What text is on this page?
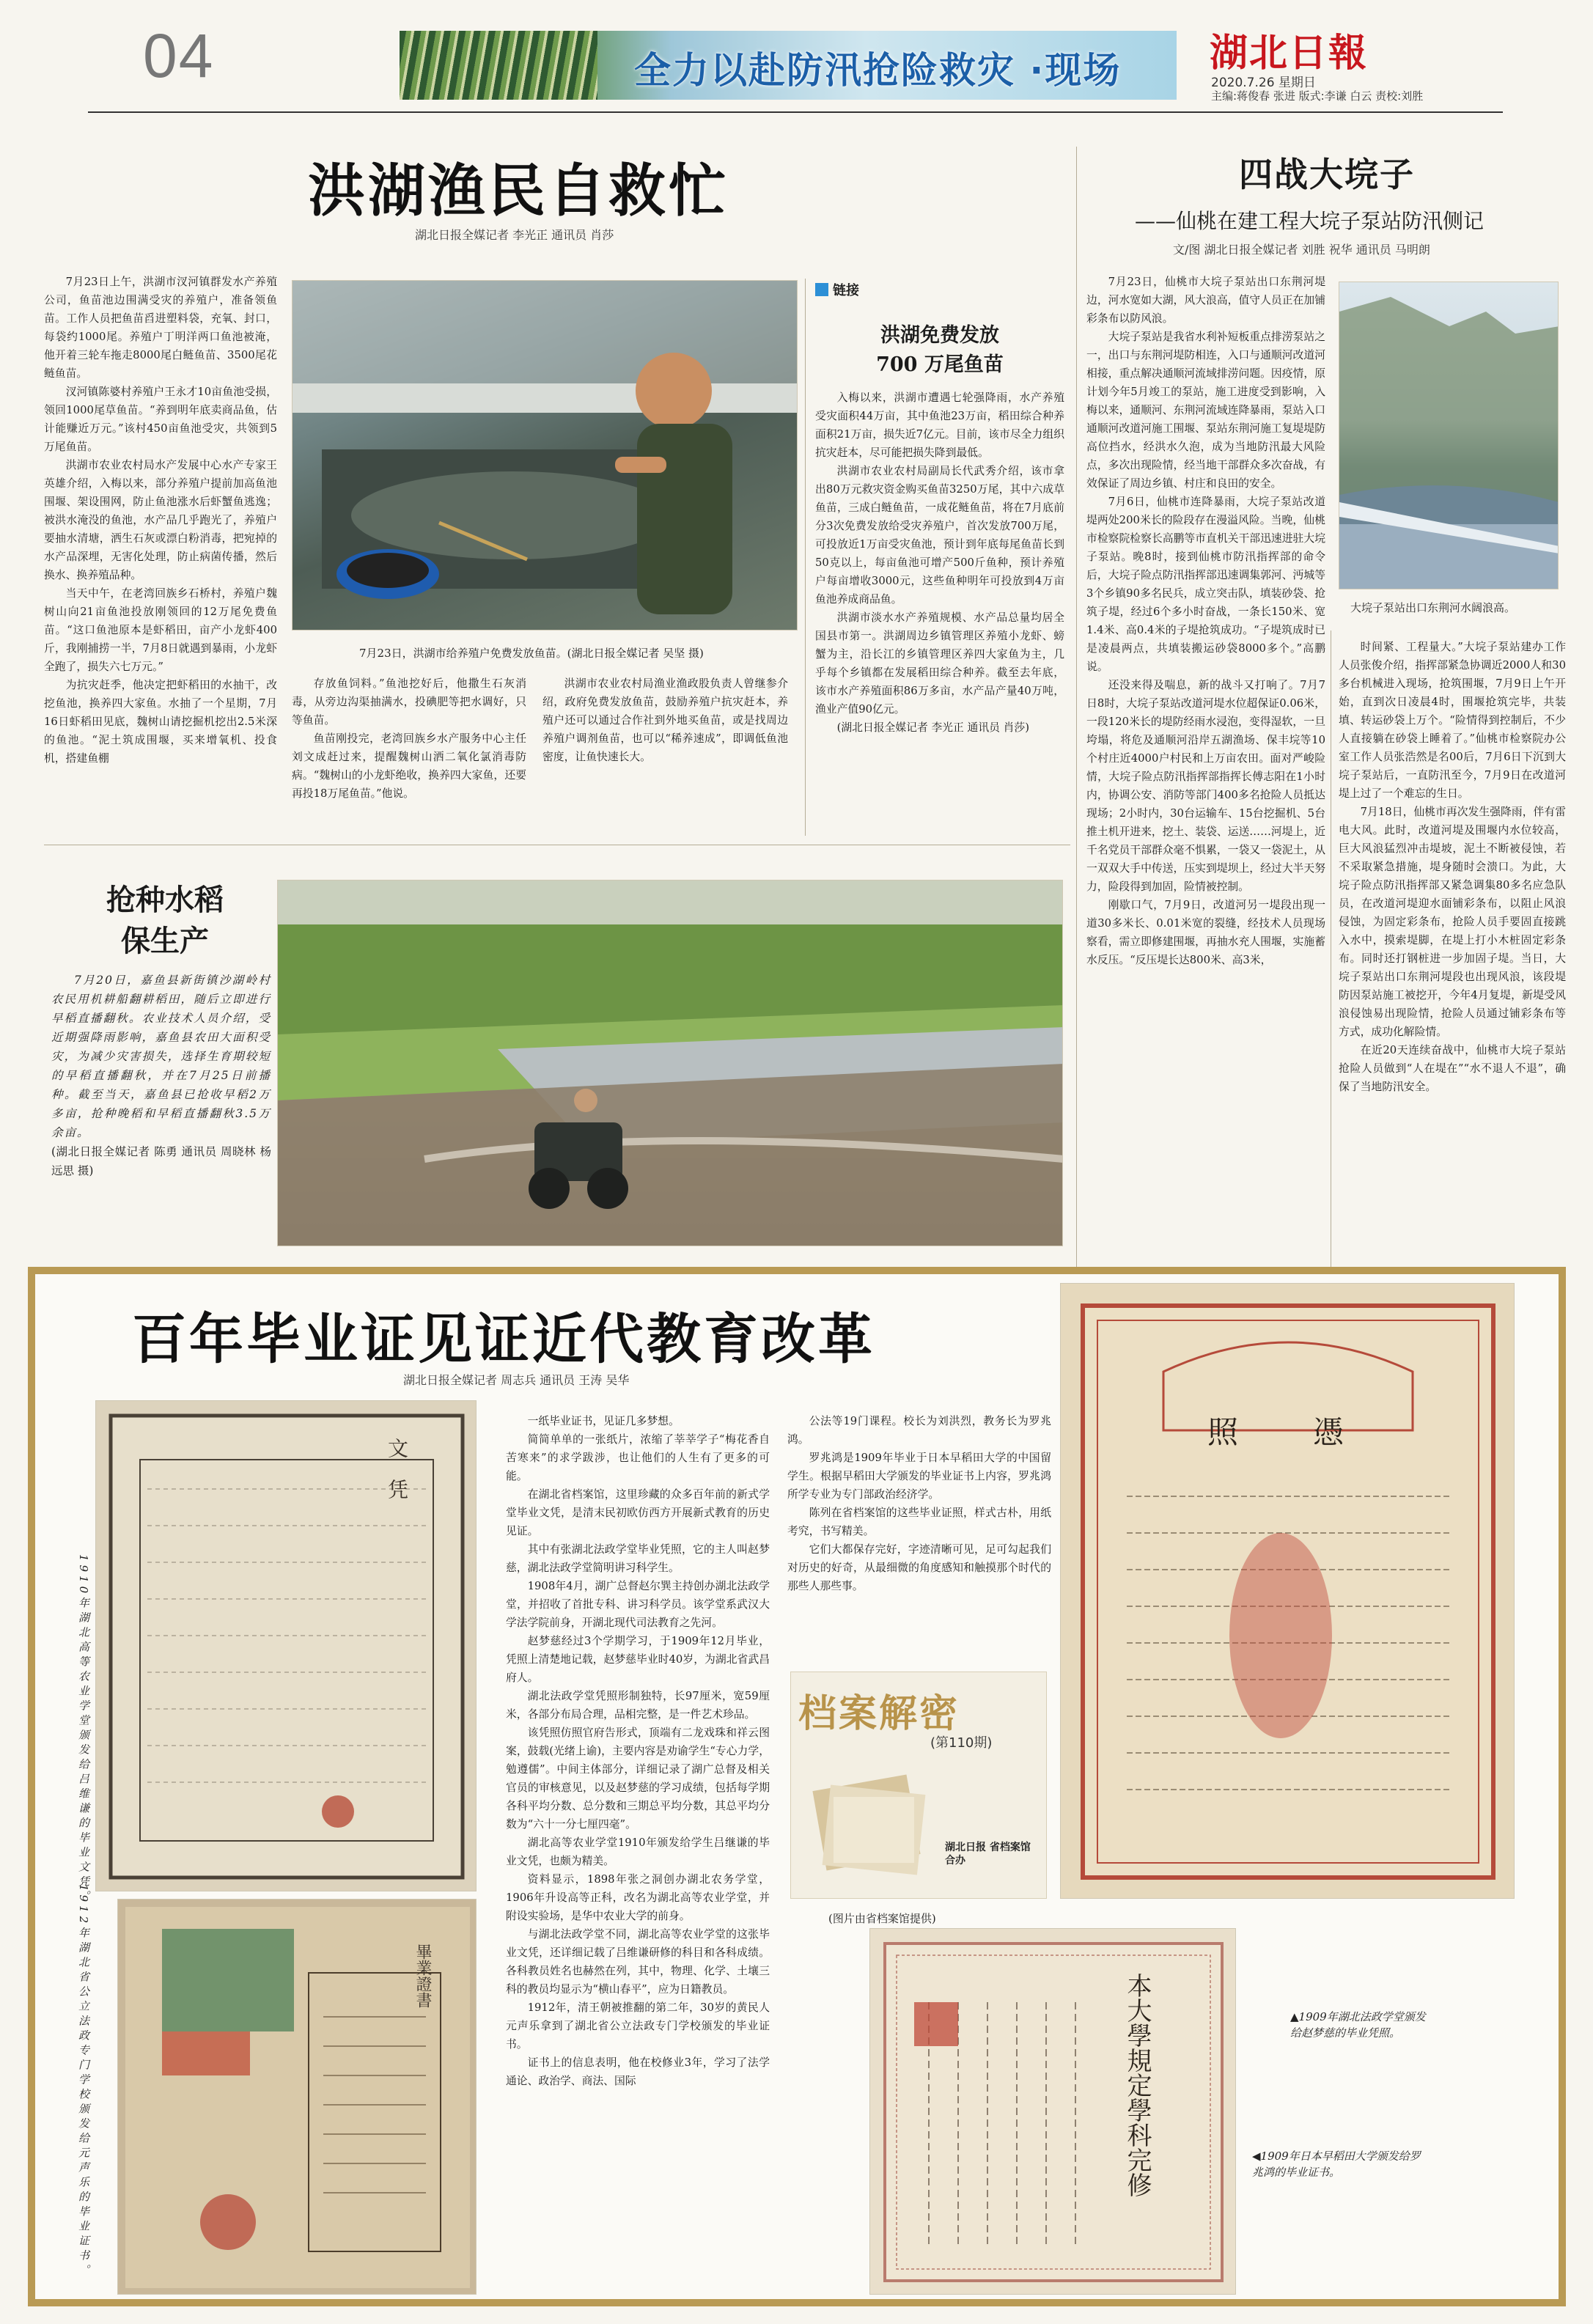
04	全力以赴防汛抢险救灾 ·现场 湖北日報
2020.7.26 星期日
主编:蒋俊春 张进 版式:李谦 白云 责校:刘胜
洪湖渔民自救忙
湖北日报全媒记者 李光正 通讯员 肖莎

7月23日上午，洪湖市汊河镇群发水产养殖公司，鱼苗池边围满受灾的养殖户，准备领鱼苗。工作人员把鱼苗舀进塑料袋，充氧、封口，每袋约1000尾。养殖户丁明洋两口鱼池被淹，他开着三轮车拖走8000尾白鲢鱼苗、3500尾花鲢鱼苗。

汊河镇陈婆村养殖户王永才10亩鱼池受损，领回1000尾草鱼苗。“养到明年底卖商品鱼，估计能赚近万元。”该村450亩鱼池受灾，共领到5万尾鱼苗。

洪湖市农业农村局水产发展中心水产专家王英雄介绍，入梅以来，部分养殖户提前加高鱼池围堰、架设围网，防止鱼池涨水后虾蟹鱼逃逸；被洪水淹没的鱼池，水产品几乎跑光了，养殖户要抽水清塘，洒生石灰或漂白粉消毒，把宛掉的水产品深埋，无害化处理，防止病菌传播，然后换水、换养殖品种。

当天中午，在老湾回族乡石桥村，养殖户魏树山向21亩鱼池投放刚领回的12万尾免费鱼苗。“这口鱼池原本是虾稻田，亩产小龙虾400斤，我刚捕捞一半，7月8日就遇到暴雨，小龙虾全跑了，损失六七万元。”

为抗灾赶季，他决定把虾稻田的水抽干，改挖鱼池，换养四大家鱼。水抽了一个星期，7月16日虾稻田见底，魏树山请挖掘机挖出2.5米深的鱼池。“泥土筑成围堰，买来增氧机、投食机，搭建鱼棚

7月23日，洪湖市给养殖户免费发放鱼苗。(湖北日报全媒记者 吴坚 摄)

存放鱼饲料。”鱼池挖好后，他撒生石灰消毒，从旁边沟渠抽满水，投碘肥等把水调好，只等鱼苗。

鱼苗刚投完，老湾回族乡水产服务中心主任刘文成赶过来，提醒魏树山洒二氧化氯消毒防病。“魏树山的小龙虾绝收，换养四大家鱼，还要再投18万尾鱼苗。”他说。

洪湖市农业农村局渔业渔政股负责人曾继参介绍，政府免费发放鱼苗，鼓励养殖户抗灾赶本，养殖户还可以通过合作社到外地买鱼苗，或是找周边养殖户调剂鱼苗，也可以“稀养速成”，即调低鱼池密度，让鱼快速长大。

链接
洪湖免费发放
700 万尾鱼苗

入梅以来，洪湖市遭遇七轮强降雨，水产养殖受灾面积44万亩，其中鱼池23万亩，稻田综合种养面积21万亩，损失近7亿元。目前，该市尽全力组织抗灾赶本，尽可能把损失降到最低。

洪湖市农业农村局副局长代武秀介绍，该市拿出80万元救灾资金购买鱼苗3250万尾，其中六成草鱼苗，三成白鲢鱼苗，一成花鲢鱼苗，将在7月底前分3次免费发放给受灾养殖户，首次发放700万尾，可投放近1万亩受灾鱼池，预计到年底每尾鱼苗长到50克以上，每亩鱼池可增产500斤鱼种，预计养殖户每亩增收3000元，这些鱼种明年可投放到4万亩鱼池养成商品鱼。

洪湖市淡水水产养殖规模、水产品总量均居全国县市第一。洪湖周边乡镇管理区养殖小龙虾、螃蟹为主，沿长江的乡镇管理区养四大家鱼为主，几乎每个乡镇都在发展稻田综合种养。截至去年底，该市水产养殖面积86万多亩，水产品产量40万吨，渔业产值90亿元。

(湖北日报全媒记者 李光正 通讯员 肖莎)

四战大垸子
——仙桃在建工程大垸子泵站防汛侧记
文/图 湖北日报全媒记者 刘胜 祝华 通讯员 马明朗

7月23日，仙桃市大垸子泵站出口东荆河堤边，河水宽如大湖，风大浪高，值守人员正在加铺彩条布以防风浪。

大垸子泵站是我省水利补短板重点排涝泵站之一，出口与东荆河堤防相连，入口与通顺河改道河相接，重点解决通顺河流域排涝问题。因疫情，原计划今年5月竣工的泵站，施工进度受到影响，入梅以来，通顺河、东荆河流域连降暴雨，泵站入口通顺河改道河施工围堰、泵站东荆河施工复堤堤防高位挡水，经洪水久泡，成为当地防汛最大风险点，多次出现险情，经当地干部群众多次奋战，有效保证了周边乡镇、村庄和良田的安全。

7月6日，仙桃市连降暴雨，大垸子泵站改道堤两处200米长的险段存在漫溢风险。当晚，仙桃市检察院检察长高鹏等市直机关干部迅速进驻大垸子泵站。晚8时，接到仙桃市防汛指挥部的命令后，大垸子险点防汛指挥部迅速调集郭河、沔城等3个乡镇90多名民兵，成立突击队，填装砂袋、抢筑子堤，经过6个多小时奋战，一条长150米、宽1.4米、高0.4米的子堤抢筑成功。“子堤筑成时已是凌晨两点，共填装搬运砂袋8000多个。”高鹏说。

还没来得及喘息，新的战斗又打响了。7月7日8时，大垸子泵站改道河堤水位超保证0.06米，一段120米长的堤防经雨水浸泡，变得湿软，一旦垮塌，将危及通顺河沿岸五湖渔场、保丰垸等10个村庄近4000户村民和上万亩农田。面对严峻险情，大垸子险点防汛指挥部指挥长傅志阳在1小时内，协调公安、消防等部门400多名抢险人员抵达现场；2小时内，30台运输车、15台挖掘机、5台推土机开进来，挖土、装袋、运送……河堤上，近千名党员干部群众毫不惧累，一袋又一袋泥土，从一双双大手中传送，压实到堤坝上，经过大半天努力，险段得到加固，险情被控制。

刚歇口气，7月9日，改道河另一堤段出现一道30多米长、0.01米宽的裂缝，经技术人员现场察看，需立即修建围堰，再抽水充人围堰，实施蓄水反压。“反压堤长达800米、高3米，

大垸子泵站出口东荆河水阔浪高。

时间紧、工程量大。”大垸子泵站建办工作人员张俊介绍，指挥部紧急协调近2000人和30多台机械进入现场，抢筑围堰，7月9日上午开始，直到次日凌晨4时，围堰抢筑完毕，共装填、转运砂袋上万个。“险情得到控制后，不少人直接躺在砂袋上睡着了。”仙桃市检察院办公室工作人员张浩然是名00后，7月6日下沉到大垸子泵站后，一直防汛至今，7月9日在改道河堤上过了一个难忘的生日。

7月18日，仙桃市再次发生强降雨，伴有雷电大风。此时，改道河堤及围堰内水位较高，巨大风浪猛烈冲击堤坡，泥土不断被侵蚀，若不采取紧急措施，堤身随时会溃口。为此，大垸子险点防汛指挥部又紧急调集80多名应急队员，在改道河堤迎水面铺彩条布，以阻止风浪侵蚀，为固定彩条布，抢险人员手要固直接跳入水中，摸索堤脚，在堤上打小木桩固定彩条布。同时还打钢桩进一步加固子堤。当日，大垸子泵站出口东荆河堤段也出现风浪，该段堤防因泵站施工被挖开，今年4月复堤，新堤受风浪侵蚀易出现险情，抢险人员通过铺彩条布等方式，成功化解险情。

在近20天连续奋战中，仙桃市大垸子泵站抢险人员做到“人在堤在”“水不退人不退”，确保了当地防汛安全。

抢种水稻
保生产

7月20日，嘉鱼县新街镇沙湖岭村农民用机耕船翻耕稻田，随后立即进行早稻直播翻秋。农业技术人员介绍，受近期强降雨影响，嘉鱼县农田大面积受灾，为减少灾害损失，选择生育期较短的早稻直播翻秋，并在7月25日前播种。截至当天，嘉鱼县已抢收早稻2万多亩，抢种晚稻和早稻直播翻秋3.5万余亩。

(湖北日报全媒记者 陈勇 通讯员 周晓林 杨远思 摄)

百年毕业证见证近代教育改革
湖北日报全媒记者 周志兵 通讯员 王涛 吴华
文　凭
畢業證書
1910年湖北高等农业学堂颁发给吕维谦的毕业文凭。
1912年湖北省公立法政专门学校颁发给元声乐的毕业证书。

一纸毕业证书，见证几多梦想。

简简单单的一张纸片，浓缩了莘莘学子“梅花香自苦寒来”的求学跋涉，也让他们的人生有了更多的可能。

在湖北省档案馆，这里珍藏的众多百年前的新式学堂毕业文凭，是清末民初欧仿西方开展新式教育的历史见证。

其中有张湖北法政学堂毕业凭照，它的主人叫赵梦慈，湖北法政学堂简明讲习科学生。

1908年4月，湖广总督赵尔巽主持创办湖北法政学堂，并招收了首批专科、讲习科学员。该学堂系武汉大学法学院前身，开湖北现代司法教育之先河。

赵梦慈经过3个学期学习，于1909年12月毕业，凭照上清楚地记载，赵梦慈毕业时40岁，为湖北省武昌府人。

湖北法政学堂凭照形制独特，长97厘米，宽59厘米，各部分布局合理，品相完整，是一件艺术珍品。

该凭照仿照官府告形式，顶端有二龙戏珠和祥云图案，鼓载(光绪上谕)，主要内容是劝谕学生“专心力学，勉遵儒”。中间主体部分，详细记录了湖广总督及相关官员的审核意见，以及赵梦慈的学习成绩，包括每学期各科平均分数、总分数和三期总平均分数，其总平均分数为“六十一分七厘四毫”。

湖北高等农业学堂1910年颁发给学生吕继谦的毕业文凭，也颇为精美。

资料显示，1898年张之洞创办湖北农务学堂，1906年升设高等正科，改名为湖北高等农业学堂，并附设实验场，是华中农业大学的前身。

与湖北法政学堂不同，湖北高等农业学堂的这张毕业文凭，还详细记载了吕维谦研修的科目和各科成绩。各科教员姓名也赫然在列，其中，物理、化学、土壤三科的教员均显示为“横山春平”，应为日籍教员。

1912年，清王朝被推翻的第二年，30岁的黄民人元声乐拿到了湖北省公立法政专门学校颁发的毕业证书。

证书上的信息表明，他在校修业3年，学习了法学通论、政治学、商法、国际

公法等19门课程。校长为刘洪烈，教务长为罗兆鸿。

罗兆鸿是1909年毕业于日本早稻田大学的中国留学生。根据早稻田大学颁发的毕业证书上内容，罗兆鸿所学专业为专门部政治经济学。

陈列在省档案馆的这些毕业证照，样式古朴，用纸考究，书写精美。

它们大都保存完好，字迹清晰可见，足可勾起我们对历史的好奇，从最细微的角度感知和触摸那个时代的那些人那些事。

档案解密
(第110期)
湖北日报 省档案馆 合办
(图片由省档案馆提供)
照　憑
▲1909年湖北法政学堂颁发给赵梦慈的毕业凭照。
本大學規定學科完修	◀1909年日本早稻田大学颁发给罗兆鸿的毕业证书。
